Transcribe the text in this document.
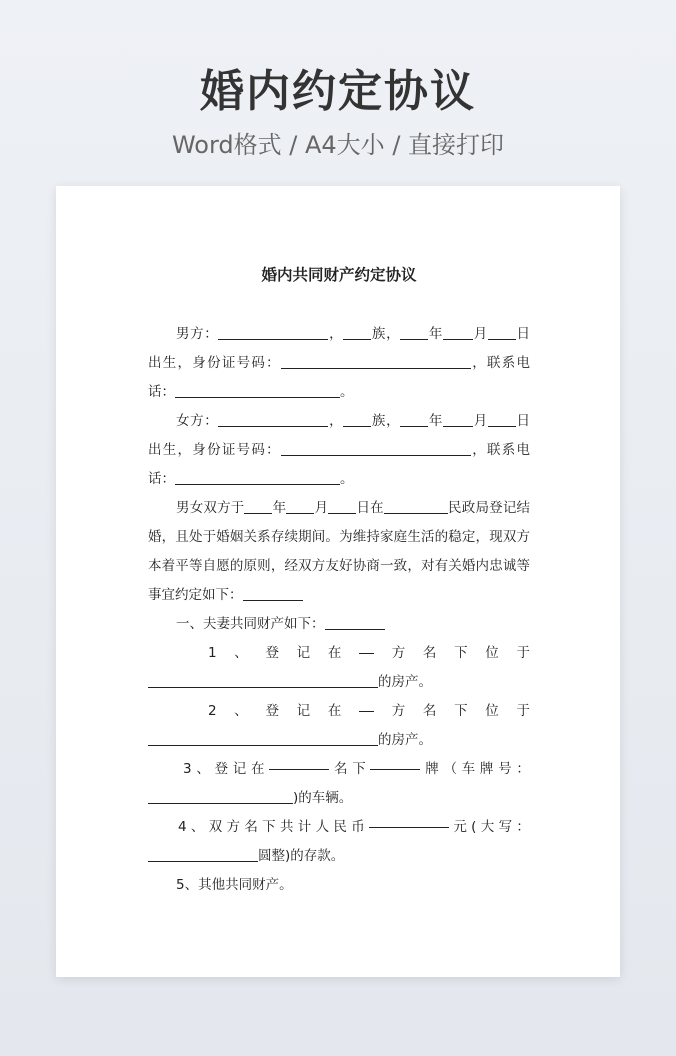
婚内约定协议
Word格式 / A4大小 / 直接打印
婚内共同财产约定协议

男方：	， 族， 年 月 日出生，身份证号码：	，联系电话：	。

女方：	， 族， 年 月 日出生，身份证号码：	，联系电话：	。

男女双方于 年 月 日在	民政局登记结婚，且处于婚姻关系存续期间。为维持家庭生活的稳定，现双方本着平等自愿的原则，经双方友好协商一致，对有关婚内忠诚等事宜约定如下：

一、夫妻共同财产如下：

1 、 登 记 在	方 名 下 位 于

的房产。

2 、 登 记 在	方 名 下 位 于

的房产。

3 、 登 记 在	名 下	牌 （ 车 牌 号 ：

)的车辆。

4 、 双 方 名 下 共 计 人 民 币	元 ( 大 写 ：

圆整)的存款。

5、其他共同财产。
